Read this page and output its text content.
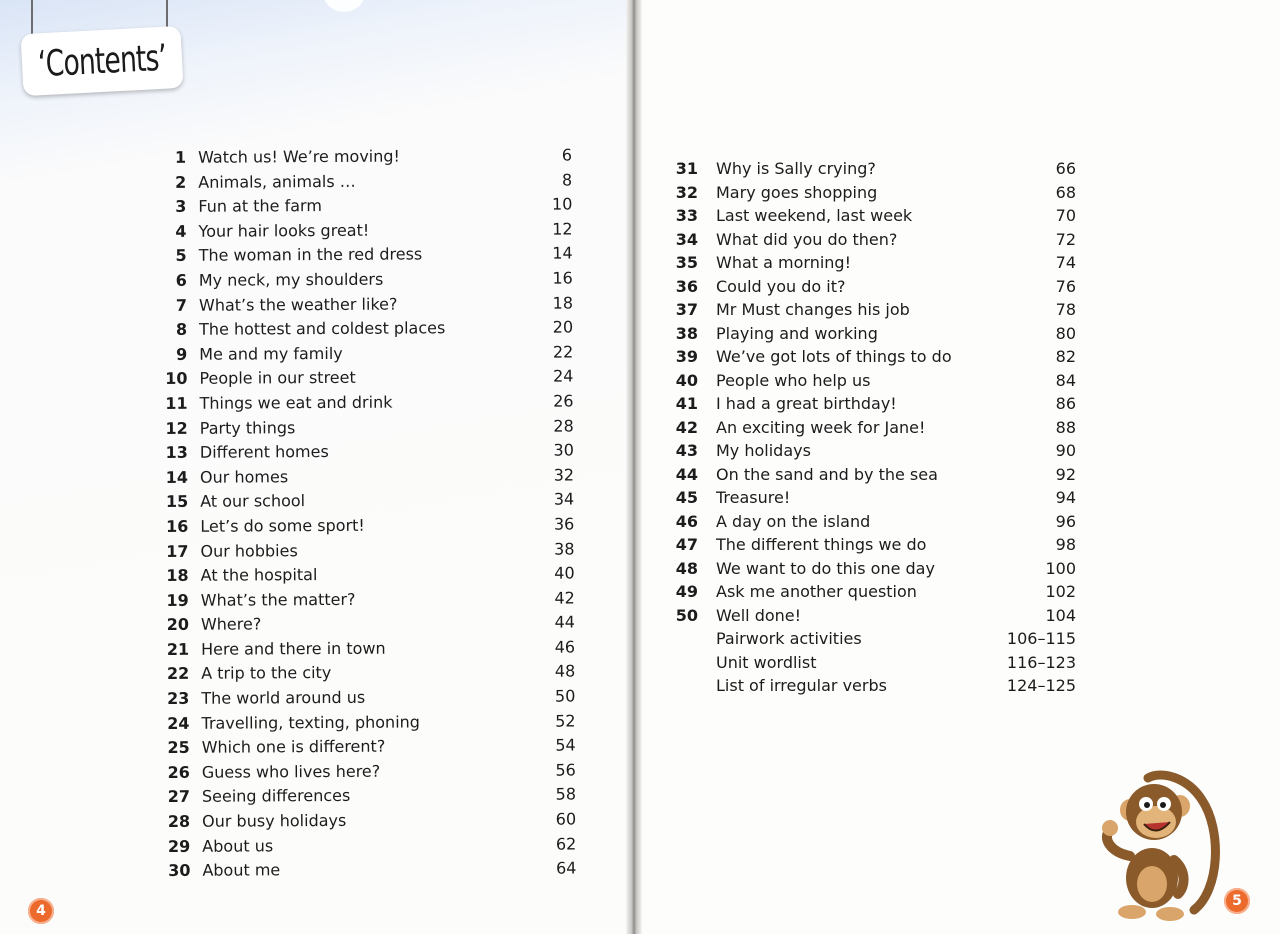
‘Contents’
1 Watch us! We’re moving!	6
2 Animals, animals …	8
3 Fun at the farm	10
4 Your hair looks great!	12
5 The woman in the red dress	14
6 My neck, my shoulders	16
7 What’s the weather like?	18
8 The hottest and coldest places	20
9 Me and my family	22
10 People in our street	24
11 Things we eat and drink	26
12 Party things	28
13 Different homes	30
14 Our homes	32
15 At our school	34
16 Let’s do some sport!	36
17 Our hobbies	38
18 At the hospital	40
19 What’s the matter?	42
20 Where?	44
21 Here and there in town	46
22 A trip to the city	48
23 The world around us	50
24 Travelling, texting, phoning	52
25 Which one is different?	54
26 Guess who lives here?	56
27 Seeing differences	58
28 Our busy holidays	60
29 About us	62
30 About me	64
4
31 Why is Sally crying?	66
32 Mary goes shopping	68
33 Last weekend, last week	70
34 What did you do then?	72
35 What a morning!	74
36 Could you do it?	76
37 Mr Must changes his job	78
38 Playing and working	80
39 We’ve got lots of things to do	82
40 People who help us	84
41 I had a great birthday!	86
42 An exciting week for Jane!	88
43 My holidays	90
44 On the sand and by the sea	92
45 Treasure!	94
46 A day on the island	96
47 The different things we do	98
48 We want to do this one day	100
49 Ask me another question	102
50 Well done!	104
Pairwork activities	106–115
Unit wordlist	116–123
List of irregular verbs	124–125
5
